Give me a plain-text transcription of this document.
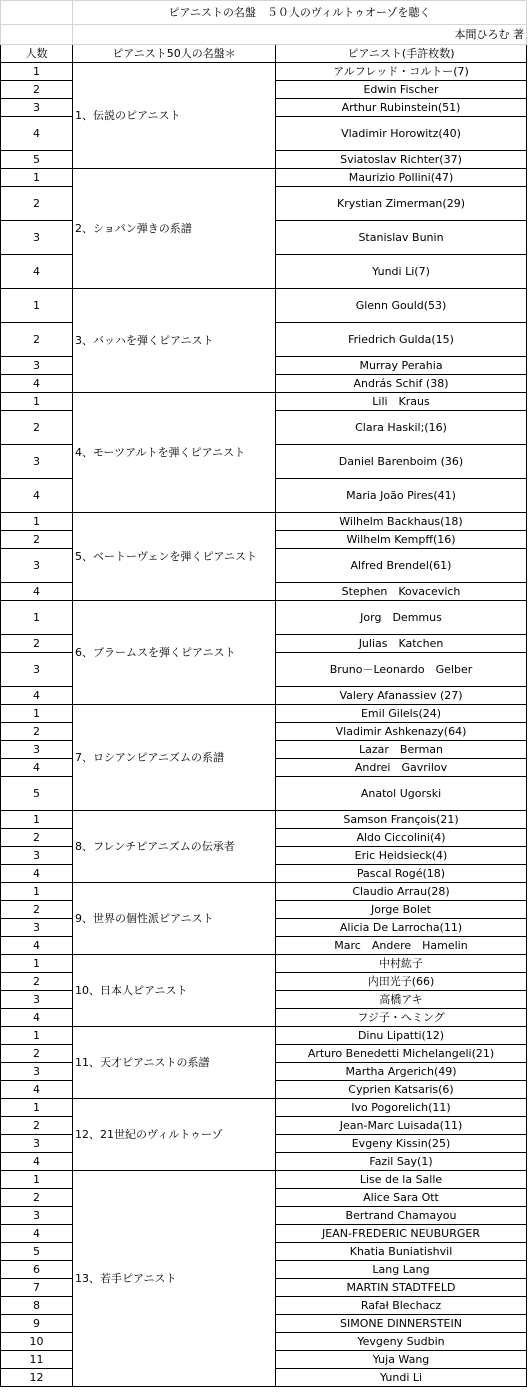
	ピアニストの名盤　５０人のヴィルトゥオーゾを聴く	
	本間ひろむ 著	
人数	ピアニスト50人の名盤＊	ピアニスト(手許枚数)
1	1、伝説のピアニスト	アルフレッド・コルトー(7)
2		Edwin Fischer
3		Arthur Rubinstein(51)
4		Vladimir Horowitz(40)
5		Sviatoslav Richter(37)
1	2、ショパン弾きの系譜	Maurizio Pollini(47)
2		Krystian Zimerman(29)
3		Stanislav Bunin
4		Yundi Li(7)
1	3、バッハを弾くピアニスト	Glenn Gould(53)
2		Friedrich Gulda(15)
3		Murray Perahia
4		András Schif (38)
1	4、モーツアルトを弾くピアニスト	Lili　Kraus
2		Clara Haskil;(16)
3		Daniel Barenboim (36)
4		Maria João Pires(41)
1	5、ベートーヴェンを弾くピアニスト	Wilhelm Backhaus(18)
2		Wilhelm Kempff(16)
3		Alfred Brendel(61)
4		Stephen　Kovacevich
1	6、ブラームスを弾くピアニスト	Jorg　Demmus
2		Julias　Katchen
3		Bruno－Leonardo　Gelber
4		Valery Afanassiev (27)
1	7、ロシアンピアニズムの系譜	Emil Gilels(24)
2		Vladimir Ashkenazy(64)
3		Lazar　Berman
4		Andrei　Gavrilov
5		Anatol Ugorski
1	8、フレンチピアニズムの伝承者	Samson François(21)
2		Aldo Ciccolini(4)
3		Eric Heidsieck(4)
4		Pascal Rogé(18)
1	9、世界の個性派ピアニスト	Claudio Arrau(28)
2		Jorge Bolet
3		Alicia De Larrocha(11)
4		Marc　Andere　Hamelin
1	10、日本人ピアニスト	中村紘子
2		内田光子(66)
3		高橋アキ
4		フジ子・ヘミング
1	11、天才ピアニストの系譜	Dinu Lipatti(12)
2		Arturo Benedetti Michelangeli(21)
3		Martha Argerich(49)
4		Cyprien Katsaris(6)
1	12、21世紀のヴィルトゥーゾ	Ivo Pogorelich(11)
2		Jean-Marc Luisada(11)
3		Evgeny Kissin(25)
4		Fazil Say(1)
1	13、若手ピアニスト	Lise de la Salle
2		Alice Sara Ott
3		Bertrand Chamayou
4		JEAN-FREDERIC NEUBURGER
5		Khatia Buniatishvil
6		Lang Lang
7		MARTIN STADTFELD
8		Rafał Blechacz
9		SIMONE DINNERSTEIN
10		Yevgeny Sudbin
11		Yuja Wang
12		Yundi Li
